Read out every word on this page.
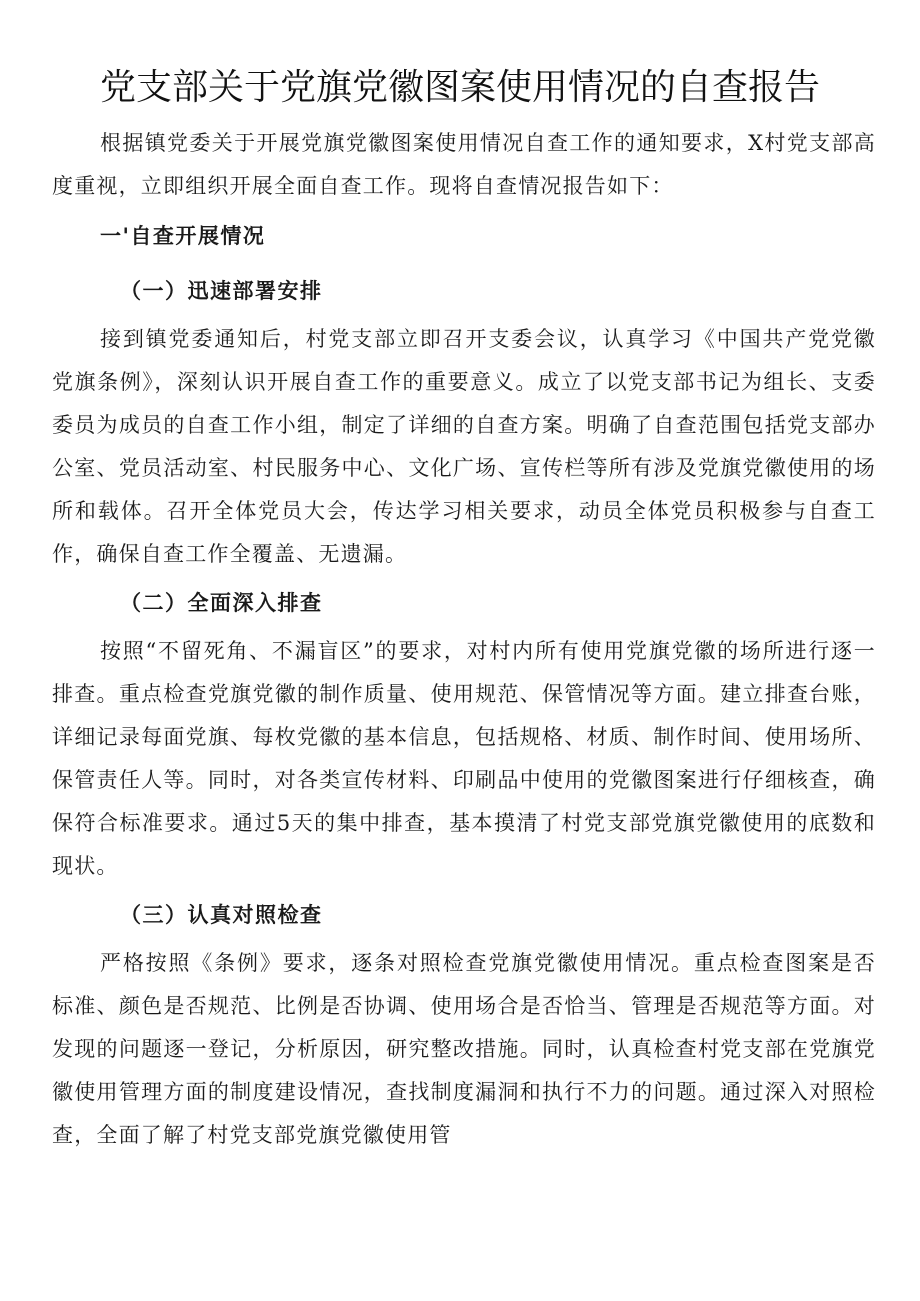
党支部关于党旗党徽图案使用情况的自查报告

根据镇党委关于开展党旗党徽图案使用情况自查工作的通知要求，X村党支部高度重视，立即组织开展全面自查工作。现将自查情况报告如下：

一'自查开展情况
（一）迅速部署安排

接到镇党委通知后，村党支部立即召开支委会议，认真学习《中国共产党党徽党旗条例》，深刻认识开展自查工作的重要意义。成立了以党支部书记为组长、支委委员为成员的自查工作小组，制定了详细的自查方案。明确了自查范围包括党支部办公室、党员活动室、村民服务中心、文化广场、宣传栏等所有涉及党旗党徽使用的场所和载体。召开全体党员大会，传达学习相关要求，动员全体党员积极参与自查工作，确保自查工作全覆盖、无遗漏。

（二）全面深入排查

按照“不留死角、不漏盲区”的要求，对村内所有使用党旗党徽的场所进行逐一排查。重点检查党旗党徽的制作质量、使用规范、保管情况等方面。建立排查台账，详细记录每面党旗、每枚党徽的基本信息，包括规格、材质、制作时间、使用场所、保管责任人等。同时，对各类宣传材料、印刷品中使用的党徽图案进行仔细核查，确保符合标准要求。通过5天的集中排查，基本摸清了村党支部党旗党徽使用的底数和现状。

（三）认真对照检查

严格按照《条例》要求，逐条对照检查党旗党徽使用情况。重点检查图案是否标准、颜色是否规范、比例是否协调、使用场合是否恰当、管理是否规范等方面。对发现的问题逐一登记，分析原因，研究整改措施。同时，认真检查村党支部在党旗党徽使用管理方面的制度建设情况，查找制度漏洞和执行不力的问题。通过深入对照检查，全面了解了村党支部党旗党徽使用管
